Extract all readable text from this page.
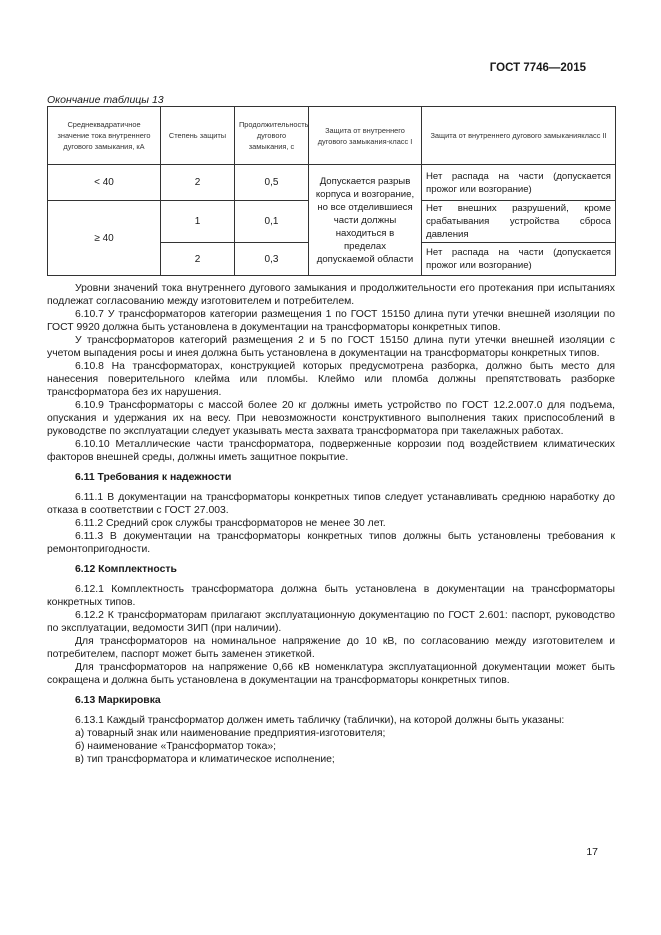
ГОСТ 7746—2015
Окончание таблицы 13
Среднеквадратичное значение тока внутреннего дугового замыкания, кА	Степень защиты	Продолжительность дугового замыкания, с	Защита от внутреннего дугового замыкания-класс I	Защита от внутреннего дугового замыканиякласс II
< 40	2	0,5	Допускается разрыв корпуса и возгорание, но все отделившиеся части должны находиться в пределах допускаемой области	Нет распада на части (допускается прожог или возгорание)
≥ 40	1	0,1		Нет внешних разрушений, кроме срабатывания устройства сброса давления
	2	0,3		Нет распада на части (допускается прожог или возгорание)

Уровни значений тока внутреннего дугового замыкания и продолжительности его протекания при испытаниях подлежат согласованию между изготовителем и потребителем.

6.10.7 У трансформаторов категории размещения 1 по ГОСТ 15150 длина пути утечки внешней изоляции по ГОСТ 9920 должна быть установлена в документации на трансформаторы конкретных типов.

У трансформаторов категорий размещения 2 и 5 по ГОСТ 15150 длина пути утечки внешней изоляции с учетом выпадения росы и инея должна быть установлена в документации на трансформаторы конкретных типов.

6.10.8 На трансформаторах, конструкцией которых предусмотрена разборка, должно быть место для нанесения поверительного клейма или пломбы. Клеймо или пломба должны препятствовать разборке трансформатора без их нарушения.

6.10.9 Трансформаторы с массой более 20 кг должны иметь устройство по ГОСТ 12.2.007.0 для подъема, опускания и удержания их на весу. При невозможности конструктивного выполнения таких приспособлений в руководстве по эксплуатации следует указывать места захвата трансформатора при такелажных работах.

6.10.10 Металлические части трансформатора, подверженные коррозии под воздействием климатических факторов внешней среды, должны иметь защитное покрытие.

6.11 Требования к надежности

6.11.1 В документации на трансформаторы конкретных типов следует устанавливать среднюю наработку до отказа в соответствии с ГОСТ 27.003.

6.11.2 Средний срок службы трансформаторов не менее 30 лет.

6.11.3 В документации на трансформаторы конкретных типов должны быть установлены требования к ремонтопригодности.

6.12 Комплектность

6.12.1 Комплектность трансформатора должна быть установлена в документации на трансформаторы конкретных типов.

6.12.2 К трансформаторам прилагают эксплуатационную документацию по ГОСТ 2.601: паспорт, руководство по эксплуатации, ведомости ЗИП (при наличии).

Для трансформаторов на номинальное напряжение до 10 кВ, по согласованию между изготовителем и потребителем, паспорт может быть заменен этикеткой.

Для трансформаторов на напряжение 0,66 кВ номенклатура эксплуатационной документации может быть сокращена и должна быть установлена в документации на трансформаторы конкретных типов.

6.13 Маркировка

6.13.1 Каждый трансформатор должен иметь табличку (таблички), на которой должны быть указаны:

а) товарный знак или наименование предприятия-изготовителя;

б) наименование «Трансформатор тока»;

в) тип трансформатора и климатическое исполнение;

17
